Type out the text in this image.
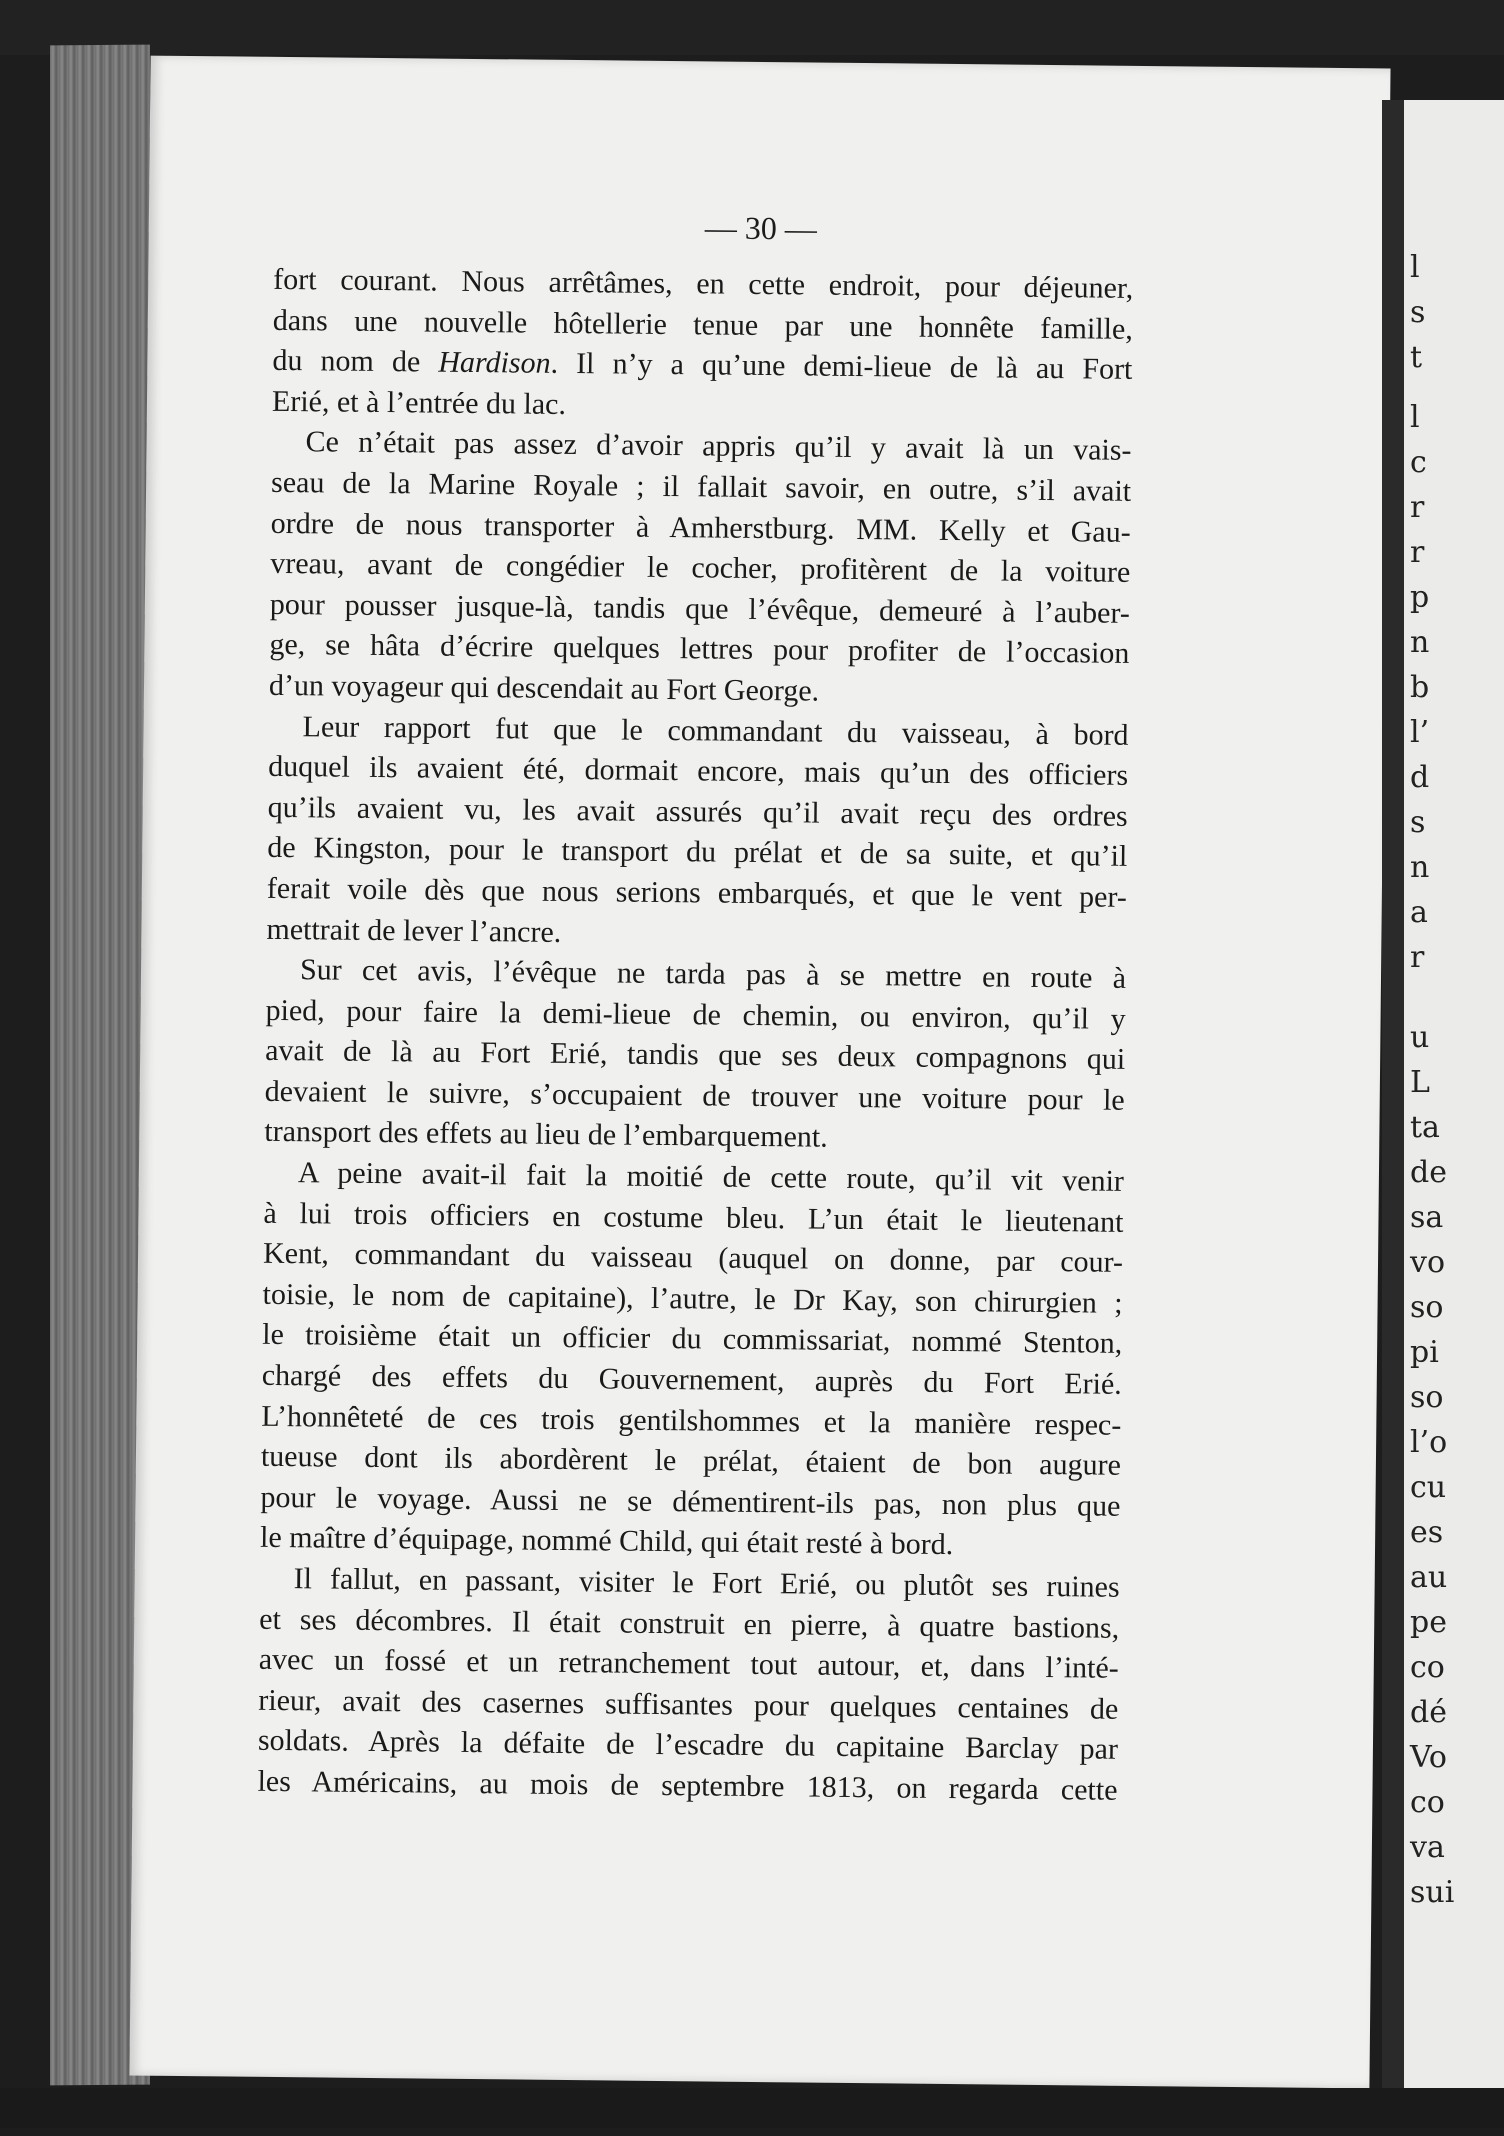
— 30 —
fort courant. Nous arrêtâmes, en cette endroit, pour déjeuner,
dans une nouvelle hôtellerie tenue par une honnête famille,
du nom de Hardison. Il n’y a qu’une demi-lieue de là au Fort
Erié, et à l’entrée du lac.
Ce n’était pas assez d’avoir appris qu’il y avait là un vais-
seau de la Marine Royale ; il fallait savoir, en outre, s’il avait
ordre de nous transporter à Amherstburg. MM. Kelly et Gau-
vreau, avant de congédier le cocher, profitèrent de la voiture
pour pousser jusque-là, tandis que l’évêque, demeuré à l’auber-
ge, se hâta d’écrire quelques lettres pour profiter de l’occasion
d’un voyageur qui descendait au Fort George.
Leur rapport fut que le commandant du vaisseau, à bord
duquel ils avaient été, dormait encore, mais qu’un des officiers
qu’ils avaient vu, les avait assurés qu’il avait reçu des ordres
de Kingston, pour le transport du prélat et de sa suite, et qu’il
ferait voile dès que nous serions embarqués, et que le vent per-
mettrait de lever l’ancre.
Sur cet avis, l’évêque ne tarda pas à se mettre en route à
pied, pour faire la demi-lieue de chemin, ou environ, qu’il y
avait de là au Fort Erié, tandis que ses deux compagnons qui
devaient le suivre, s’occupaient de trouver une voiture pour le
transport des effets au lieu de l’embarquement.
A peine avait-il fait la moitié de cette route, qu’il vit venir
à lui trois officiers en costume bleu. L’un était le lieutenant
Kent, commandant du vaisseau (auquel on donne, par cour-
toisie, le nom de capitaine), l’autre, le Dr Kay, son chirurgien ;
le troisième était un officier du commissariat, nommé Stenton,
chargé des effets du Gouvernement, auprès du Fort Erié.
L’honnêteté de ces trois gentilshommes et la manière respec-
tueuse dont ils abordèrent le prélat, étaient de bon augure
pour le voyage. Aussi ne se démentirent-ils pas, non plus que
le maître d’équipage, nommé Child, qui était resté à bord.
Il fallut, en passant, visiter le Fort Erié, ou plutôt ses ruines
et ses décombres. Il était construit en pierre, à quatre bastions,
avec un fossé et un retranchement tout autour, et, dans l’inté-
rieur, avait des casernes suffisantes pour quelques centaines de
soldats. Après la défaite de l’escadre du capitaine Barclay par
les Américains, au mois de septembre 1813, on regarda cette
l
s
t
l
c
r
r
p
n
b
l’
d
s
n
a
r
u
L
ta
de
sa
vo
so
pi
so
l’o
cu
es
au
pe
co
dé
Vo
co
va
sui
